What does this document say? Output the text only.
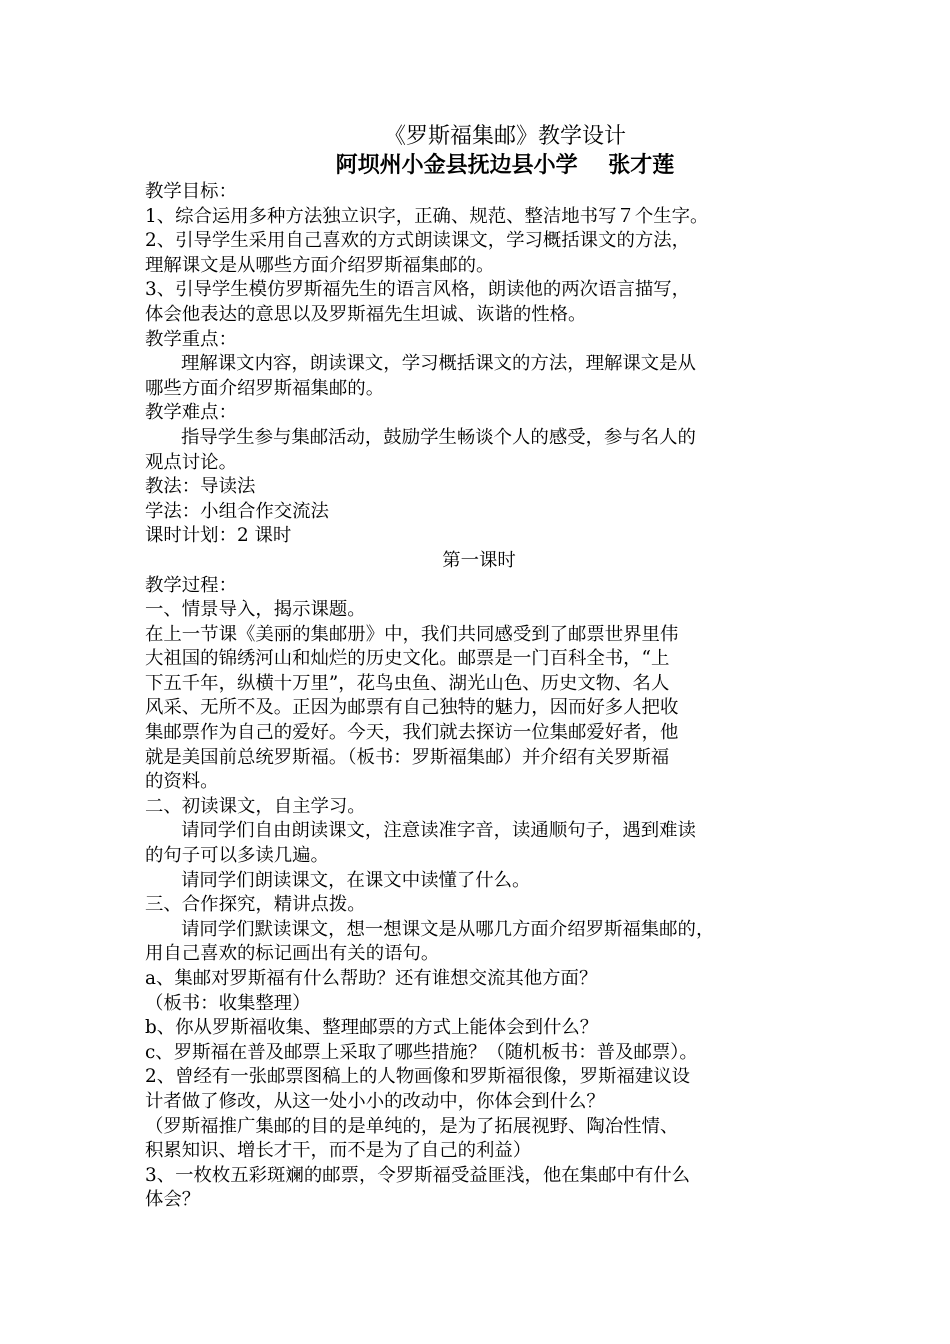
《罗斯福集邮》教学设计
阿坝州小金县抚边县小学    张才莲
教学目标：
1、综合运用多种方法独立识字，正确、规范、整洁地书写７个生字。
2、引导学生采用自己喜欢的方式朗读课文，学习概括课文的方法，
理解课文是从哪些方面介绍罗斯福集邮的。
3、引导学生模仿罗斯福先生的语言风格，朗读他的两次语言描写，
体会他表达的意思以及罗斯福先生坦诚、诙谐的性格。
教学重点：
理解课文内容，朗读课文，学习概括课文的方法，理解课文是从
哪些方面介绍罗斯福集邮的。
教学难点：
指导学生参与集邮活动，鼓励学生畅谈个人的感受，参与名人的
观点讨论。
教法：导读法
学法：小组合作交流法
课时计划：2 课时
第一课时
教学过程：
一、情景导入，揭示课题。
在上一节课《美丽的集邮册》中，我们共同感受到了邮票世界里伟
大祖国的锦绣河山和灿烂的历史文化。邮票是一门百科全书，“上
下五千年，纵横十万里”，花鸟虫鱼、湖光山色、历史文物、名人
风采、无所不及。正因为邮票有自己独特的魅力，因而好多人把收
集邮票作为自己的爱好。今天，我们就去探访一位集邮爱好者，他
就是美国前总统罗斯福。（板书：罗斯福集邮）并介绍有关罗斯福
的资料。
二、初读课文，自主学习。
请同学们自由朗读课文，注意读准字音，读通顺句子，遇到难读
的句子可以多读几遍。
请同学们朗读课文，在课文中读懂了什么。
三、合作探究，精讲点拨。
请同学们默读课文，想一想课文是从哪几方面介绍罗斯福集邮的，
用自己喜欢的标记画出有关的语句。
a、集邮对罗斯福有什么帮助？还有谁想交流其他方面？
（板书：收集整理）
b、你从罗斯福收集、整理邮票的方式上能体会到什么？
c、罗斯福在普及邮票上采取了哪些措施？（随机板书：普及邮票）。
2、曾经有一张邮票图稿上的人物画像和罗斯福很像，罗斯福建议设
计者做了修改，从这一处小小的改动中，你体会到什么？
（罗斯福推广集邮的目的是单纯的，是为了拓展视野、陶冶性情、
积累知识、增长才干，而不是为了自己的利益）
3、一枚枚五彩斑斓的邮票，令罗斯福受益匪浅，他在集邮中有什么
体会？
